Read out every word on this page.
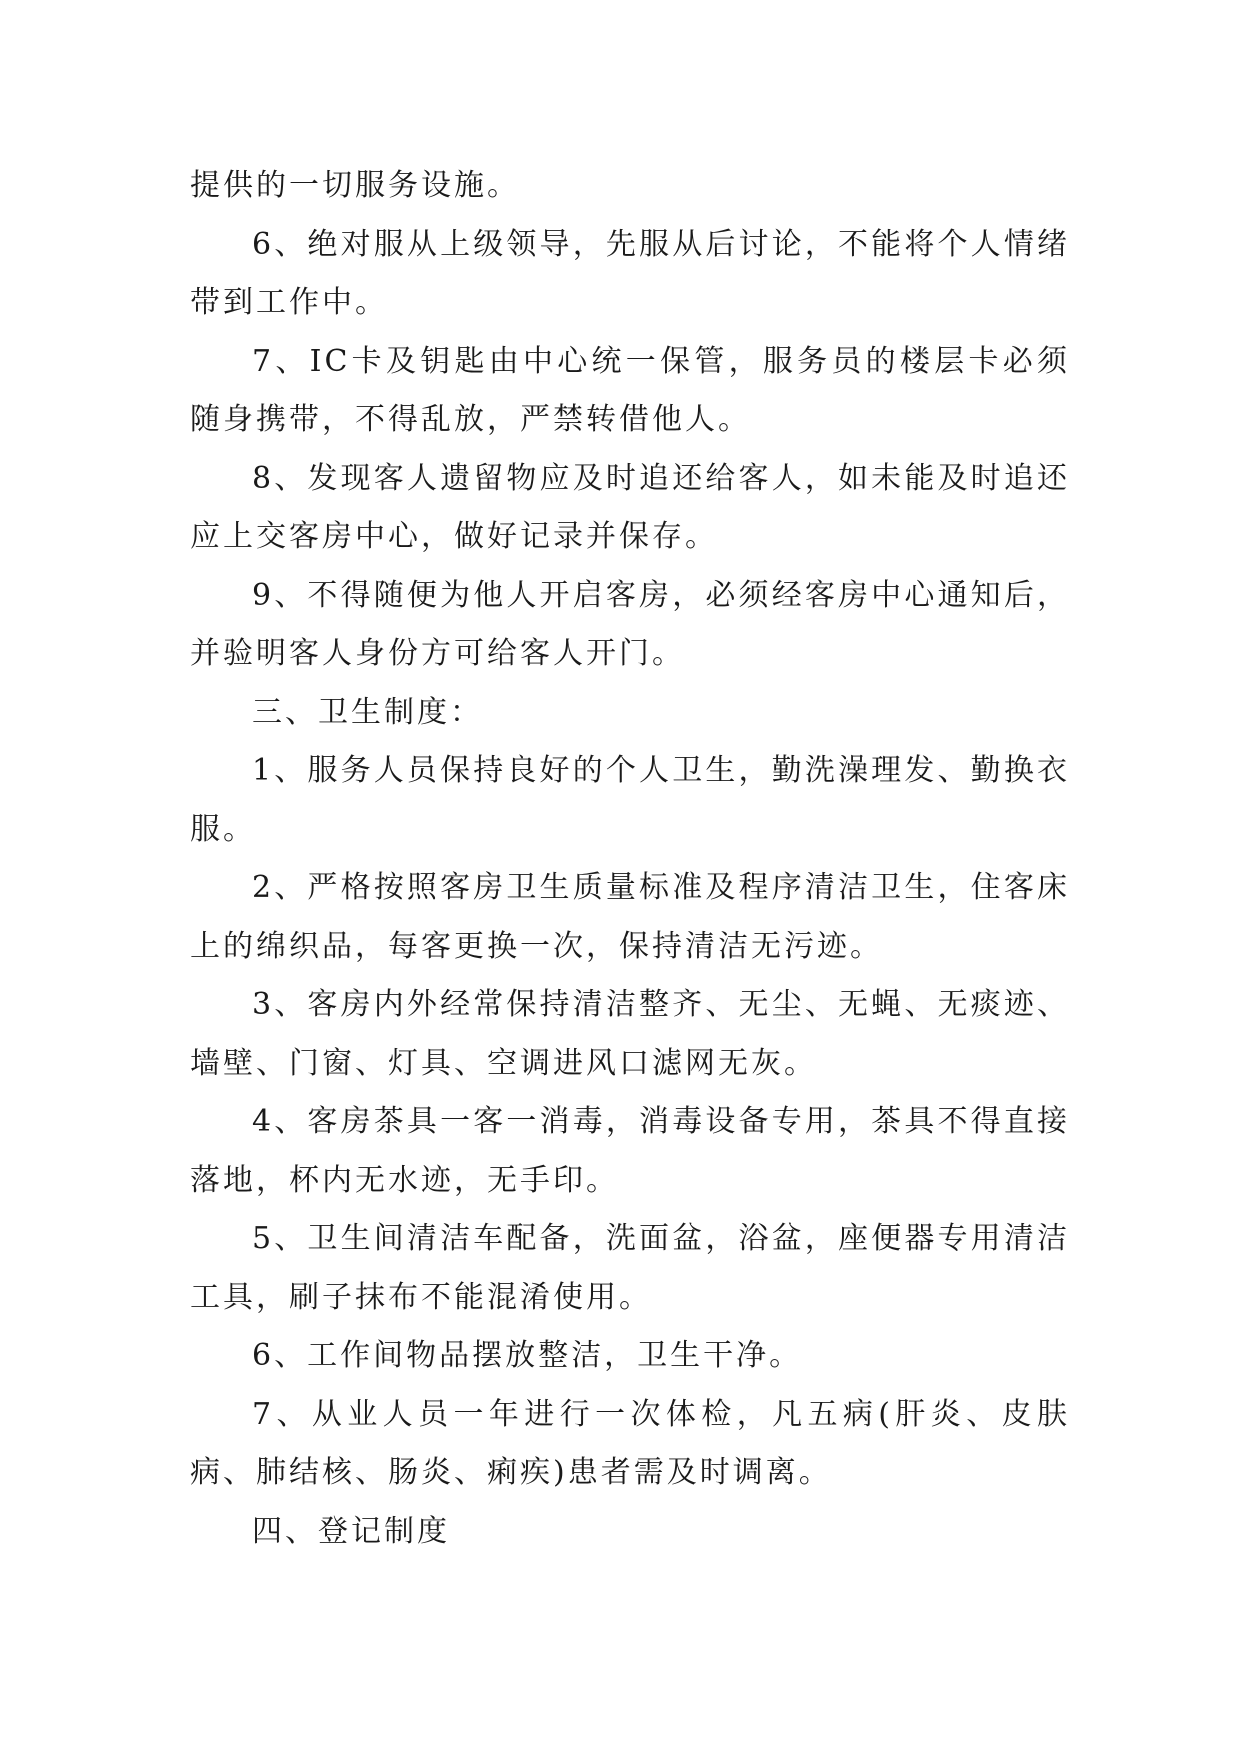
提供的一切服务设施。

6、绝对服从上级领导，先服从后讨论，不能将个人情绪带到工作中。

7、IC卡及钥匙由中心统一保管，服务员的楼层卡必须随身携带，不得乱放，严禁转借他人。

8、发现客人遗留物应及时追还给客人，如未能及时追还应上交客房中心，做好记录并保存。

9、不得随便为他人开启客房，必须经客房中心通知后，并验明客人身份方可给客人开门。

三、卫生制度：

1、服务人员保持良好的个人卫生，勤洗澡理发、勤换衣服。

2、严格按照客房卫生质量标准及程序清洁卫生，住客床上的绵织品，每客更换一次，保持清洁无污迹。

3、客房内外经常保持清洁整齐、无尘、无蝇、无痰迹、墙壁、门窗、灯具、空调进风口滤网无灰。

4、客房茶具一客一消毒，消毒设备专用，茶具不得直接落地，杯内无水迹，无手印。

5、卫生间清洁车配备，洗面盆，浴盆，座便器专用清洁工具，刷子抹布不能混淆使用。

6、工作间物品摆放整洁，卫生干净。

7、从业人员一年进行一次体检，凡五病(肝炎、皮肤病、肺结核、肠炎、痢疾)患者需及时调离。

四、登记制度
